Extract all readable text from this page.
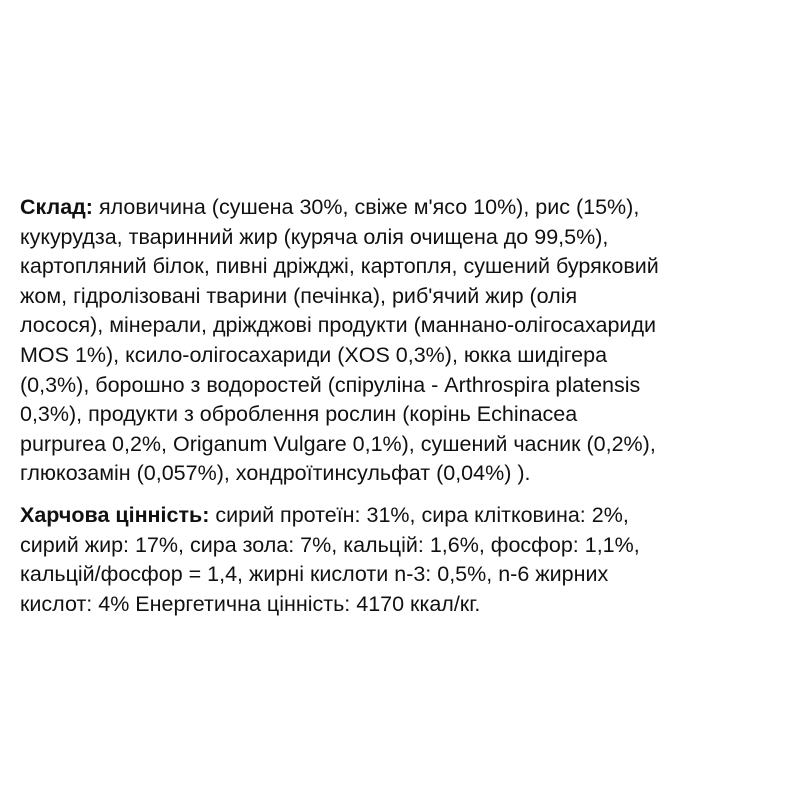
Склад: яловичина (сушена 30%, свіже м'ясо 10%), рис (15%),
кукурудза, тваринний жир (куряча олія очищена до 99,5%),
картопляний білок, пивні дріжджі, картопля, сушений буряковий
жом, гідролізовані тварини (печінка), риб'ячий жир (олія
лосося), мінерали, дріжджові продукти (маннано-олігосахариди
MOS 1%), ксило-олігосахариди (XOS 0,3%), юкка шидігера
(0,3%), борошно з водоростей (спіруліна - Arthrospira platensis
0,3%), продукти з оброблення рослин (корінь Echinacea
purpurea 0,2%, Origanum Vulgare 0,1%), сушений часник (0,2%),
глюкозамін (0,057%), хондроїтинсульфат (0,04%) ).
Харчова цінність: сирий протеїн: 31%, сира клітковина: 2%,
сирий жир: 17%, сира зола: 7%, кальцій: 1,6%, фосфор: 1,1%,
кальцій/фосфор = 1,4, жирні кислоти n-3: 0,5%, n-6 жирних
кислот: 4% Енергетична цінність: 4170 ккал/кг.
